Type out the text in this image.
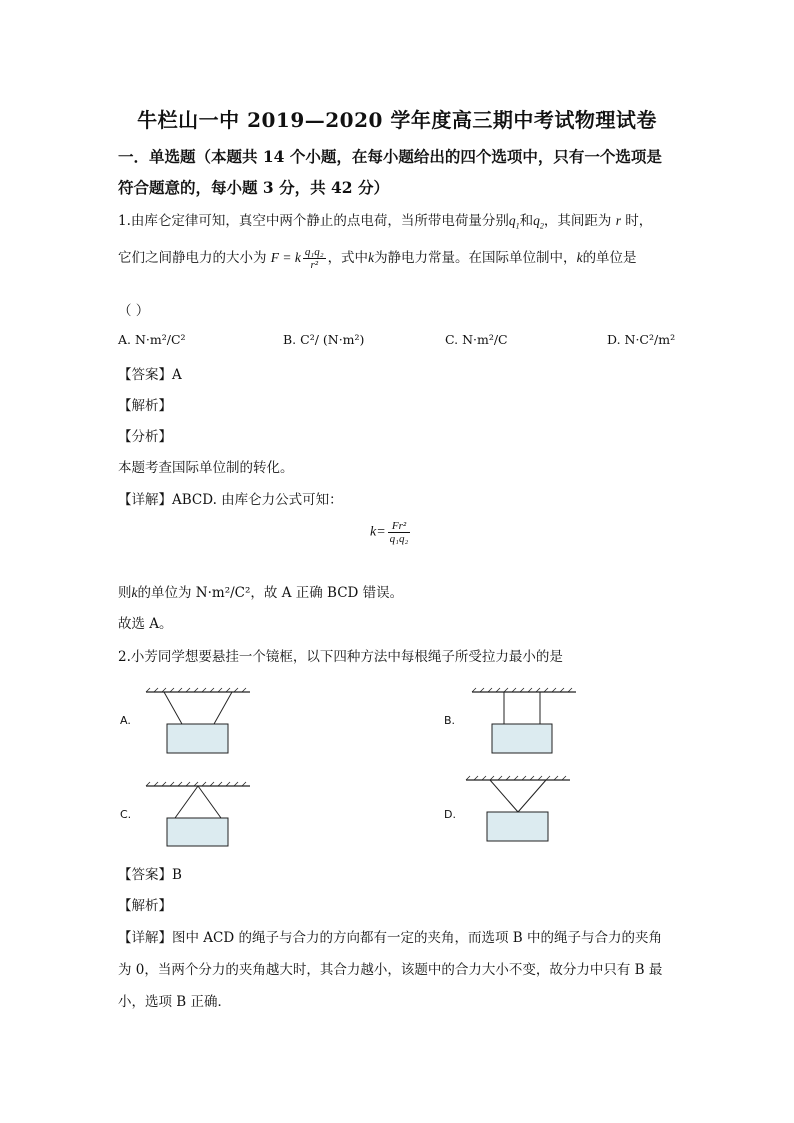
牛栏山一中 2019—2020 学年度高三期中考试物理试卷
一．单选题（本题共 14 个小题，在每小题给出的四个选项中，只有一个选项是
符合题意的，每小题 3 分，共 42 分）
1.由库仑定律可知，真空中两个静止的点电荷，当所带电荷量分别$q_1$和$q_2$，其间距为 r 时，
它们之间静电力的大小为 F = k $\frac{\text{q₁q₂}}{\text{r²}}$ ，式中k为静电力常量。在国际单位制中，k的单位是
（ ）
A. N·m²/C²	B. C²/ (N·m²)	C. N·m²/C	D. N·C²/m²
【答案】A
【解析】
【分析】
本题考查国际单位制的转化。
【详解】ABCD. 由库仑力公式可知：
$k= \frac{\text{Fr²}}{\text{q₁q₂}}$
则k的单位为 N·m²/C²，故 A 正确 BCD 错误。
故选 A。
2.小芳同学想要悬挂一个镜框，以下四种方法中每根绳子所受拉力最小的是
A.	B.
C.	D.
【答案】B
【解析】
【详解】图中 ACD 的绳子与合力的方向都有一定的夹角，而选项 B 中的绳子与合力的夹角
为 0，当两个分力的夹角越大时，其合力越小，该题中的合力大小不变，故分力中只有 B 最
小，选项 B 正确．
